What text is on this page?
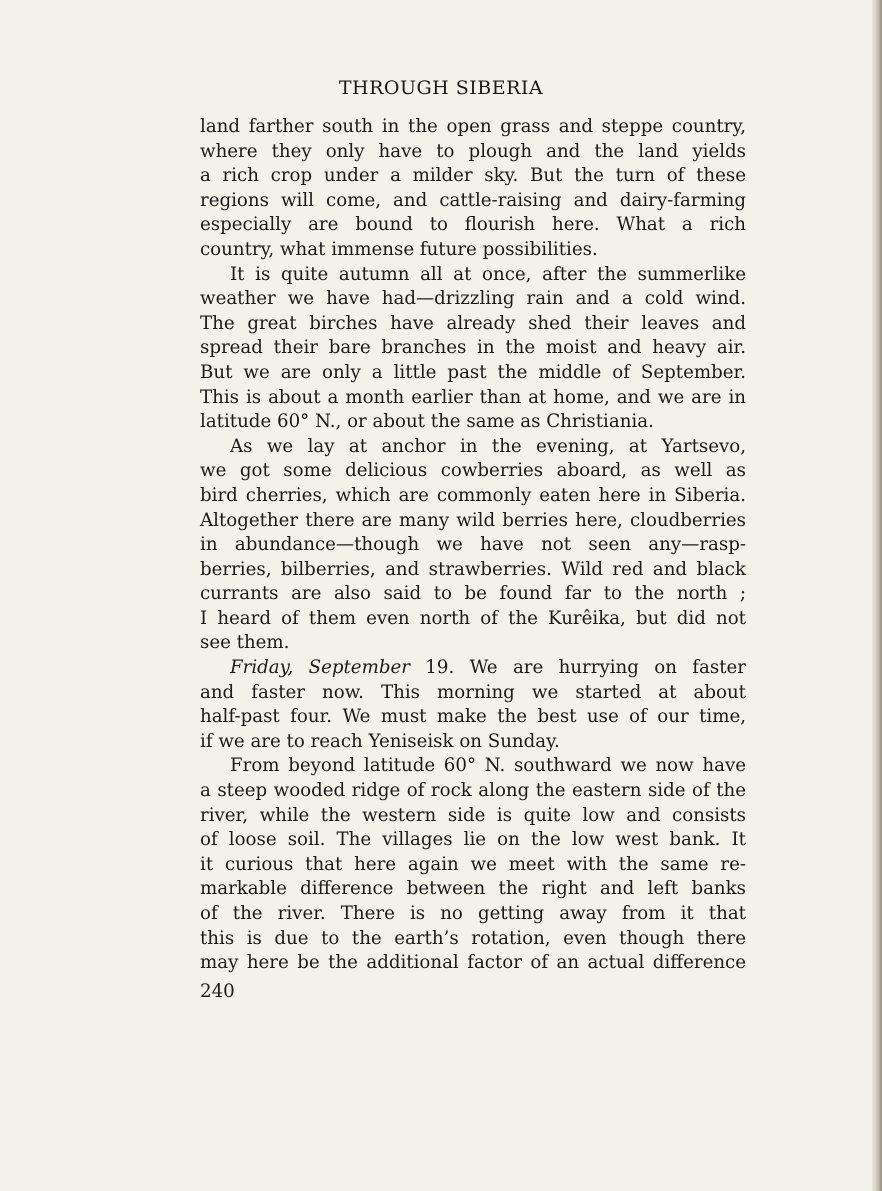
THROUGH SIBERIA
land farther south in the open grass and steppe country,
where they only have to plough and the land yields
a rich crop under a milder sky. But the turn of these
regions will come, and cattle-raising and dairy-farming
especially are bound to flourish here. What a rich
country, what immense future possibilities.
It is quite autumn all at once, after the summerlike
weather we have had—drizzling rain and a cold wind.
The great birches have already shed their leaves and
spread their bare branches in the moist and heavy air.
But we are only a little past the middle of September.
This is about a month earlier than at home, and we are in
latitude 60° N., or about the same as Christiania.
As we lay at anchor in the evening, at Yartsevo,
we got some delicious cowberries aboard, as well as
bird cherries, which are commonly eaten here in Siberia.
Altogether there are many wild berries here, cloudberries
in abundance—though we have not seen any—rasp-
berries, bilberries, and strawberries. Wild red and black
currants are also said to be found far to the north ;
I heard of them even north of the Kurêika, but did not
see them.
Friday, September 19. We are hurrying on faster
and faster now. This morning we started at about
half-past four. We must make the best use of our time,
if we are to reach Yeniseisk on Sunday.
From beyond latitude 60° N. southward we now have
a steep wooded ridge of rock along the eastern side of the
river, while the western side is quite low and consists
of loose soil. The villages lie on the low west bank. It
it curious that here again we meet with the same re-
markable difference between the right and left banks
of the river. There is no getting away from it that
this is due to the earth’s rotation, even though there
may here be the additional factor of an actual difference
240
